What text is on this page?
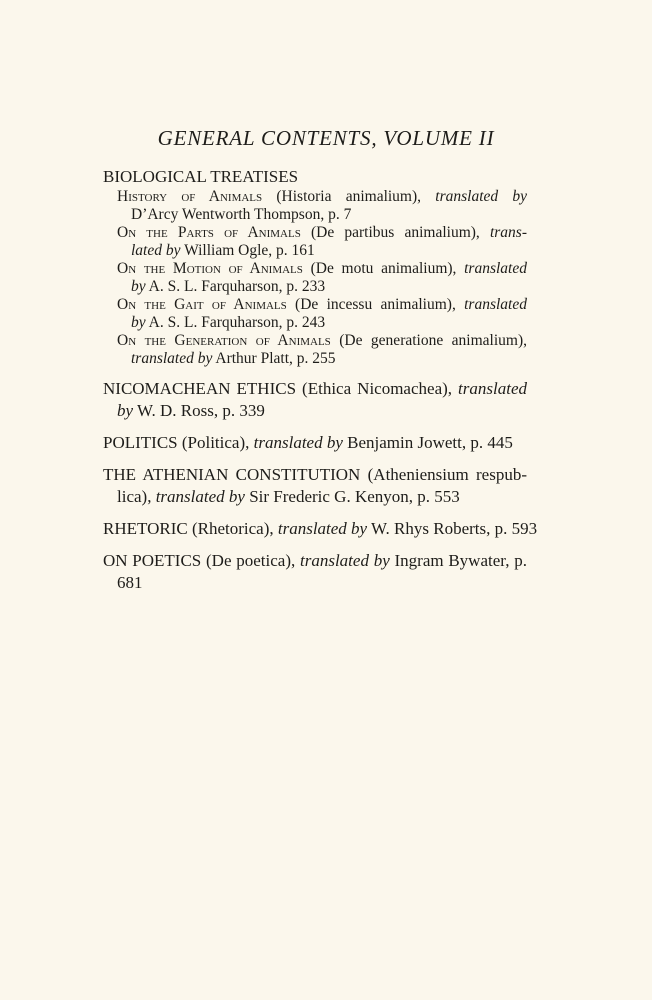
GENERAL CONTENTS, VOLUME II
BIOLOGICAL TREATISES
History of Animals (Historia animalium), translated by
D’Arcy Wentworth Thompson, p. 7
On the Parts of Animals (De partibus animalium), trans-
lated by William Ogle, p. 161
On the Motion of Animals (De motu animalium), translated
by A. S. L. Farquharson, p. 233
On the Gait of Animals (De incessu animalium), translated
by A. S. L. Farquharson, p. 243
On the Generation of Animals (De generatione animalium),
translated by Arthur Platt, p. 255
NICOMACHEAN ETHICS (Ethica Nicomachea), translated
by W. D. Ross, p. 339
POLITICS (Politica), translated by Benjamin Jowett, p. 445
THE ATHENIAN CONSTITUTION (Atheniensium respub-
lica), translated by Sir Frederic G. Kenyon, p. 553
RHETORIC (Rhetorica), translated by W. Rhys Roberts, p. 593
ON POETICS (De poetica), translated by Ingram Bywater, p.
681
